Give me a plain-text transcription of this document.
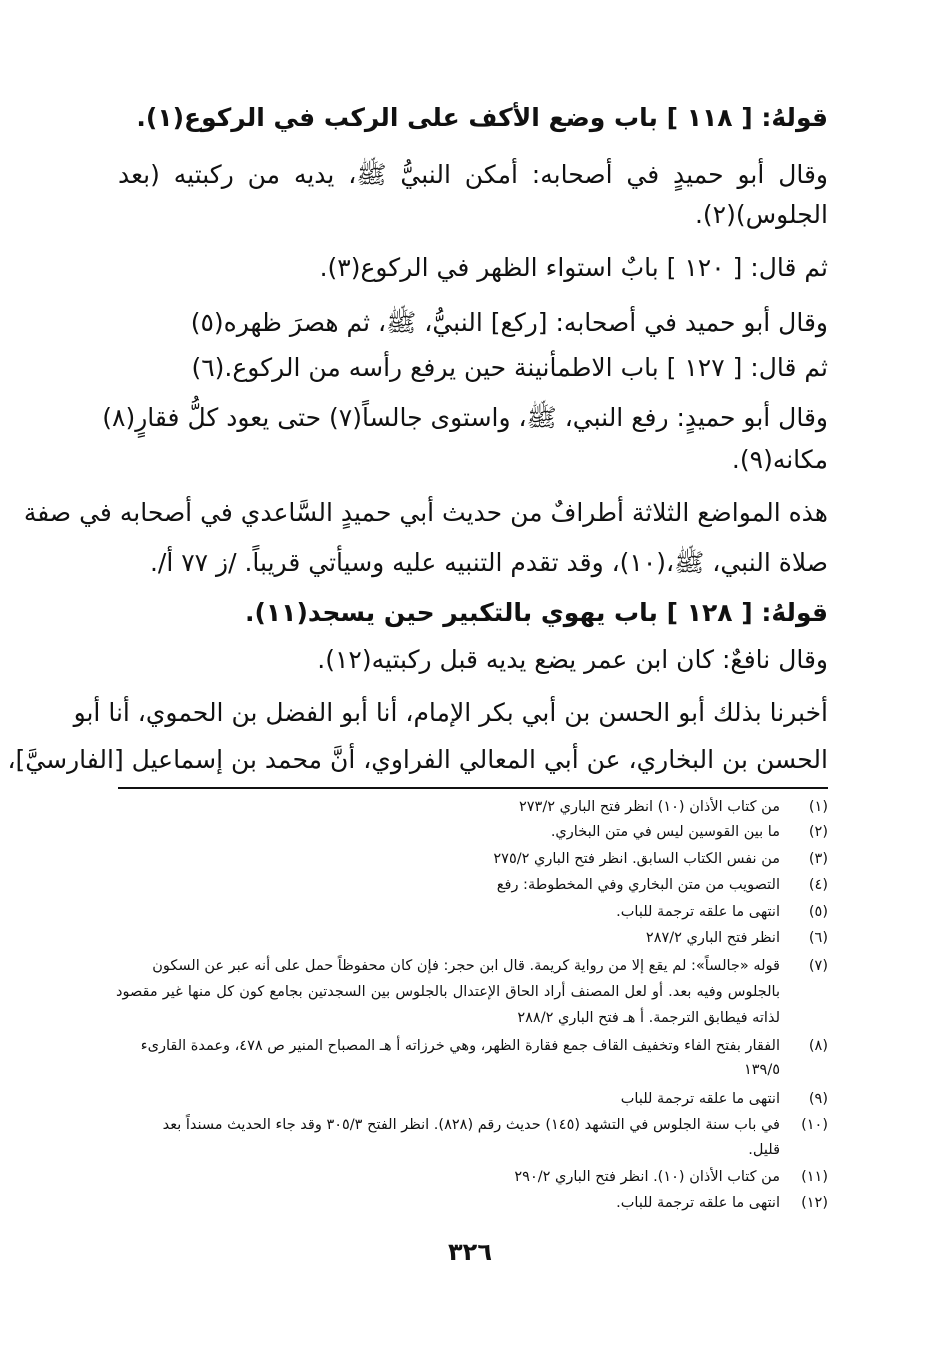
قولهُ: [ ١١٨ ] باب وضع الأكف على الركب في الركوع(١).
وقال أبو حميدٍ في أصحابه: أمكن النبيُّ ﷺ، يديه من ركبتيه (بعد
الجلوس)(٢).
ثم قال: [ ١٢٠ ] بابٌ استواء الظهر في الركوع(٣).
وقال أبو حميد في أصحابه: [ركع] النبيُّ، ﷺ، ثم هصرَ ظهره(٥)
ثم قال: [ ١٢٧ ] باب الاطمأنينة حين يرفع رأسه من الركوع.(٦)
وقال أبو حميدٍ: رفع النبي، ﷺ، واستوى جالساً(٧) حتى يعود كلُّ فقارٍ(٨)
مكانه(٩).
هذه المواضع الثلاثة أطرافٌ من حديث أبي حميدٍ السَّاعدي في أصحابه في صفة
صلاة النبي، ﷺ،(١٠)، وقد تقدم التنبيه عليه وسيأتي قريباً. /ز ٧٧ أ/.
قولهُ: [ ١٢٨ ] باب يهوي بالتكبير حين يسجد(١١).
وقال نافعٌ: كان ابن عمر يضع يديه قبل ركبتيه(١٢).
أخبرنا بذلك أبو الحسن بن أبي بكر الإمام، أنا أبو الفضل بن الحموي، أنا أبو
الحسن بن البخاري، عن أبي المعالي الفراوي، أنَّ محمد بن إسماعيل [الفارسيَّ]،
(١)من كتاب الأذان (١٠) انظر فتح الباري ٢٧٣/٢
(٢)ما بين القوسين ليس في متن البخاري.
(٣)من نفس الكتاب السابق. انظر فتح الباري ٢٧٥/٢
(٤)التصويب من متن البخاري وفي المخطوطة: رفع
(٥)انتهى ما علقه ترجمة للباب.
(٦)انظر فتح الباري ٢٨٧/٢
(٧)قوله «جالساً»: لم يقع إلا من رواية كريمة. قال ابن حجر: فإن كان محفوظاً حمل على أنه عبر عن السكون
بالجلوس وفيه بعد. أو لعل المصنف أراد الحاق الإعتدال بالجلوس بين السجدتين بجامع كون كل منها غير مقصود
لذاته فيطابق الترجمة. أ هـ فتح الباري ٢٨٨/٢
(٨)الفقار بفتح الفاء وتخفيف القاف جمع فقارة الظهر، وهي خرزاته أ هـ المصباح المنير ص ٤٧٨، وعمدة القارىء
١٣٩/٥
(٩)انتهى ما علقه ترجمة للباب
(١٠)في باب سنة الجلوس في التشهد (١٤٥) حديث رقم (٨٢٨). انظر الفتح ٣٠٥/٣ وقد جاء الحديث مسنداً بعد
قليل.
(١١)من كتاب الأذان (١٠). انظر فتح الباري ٢٩٠/٢
(١٢)انتهى ما علقه ترجمة للباب.
٣٢٦
